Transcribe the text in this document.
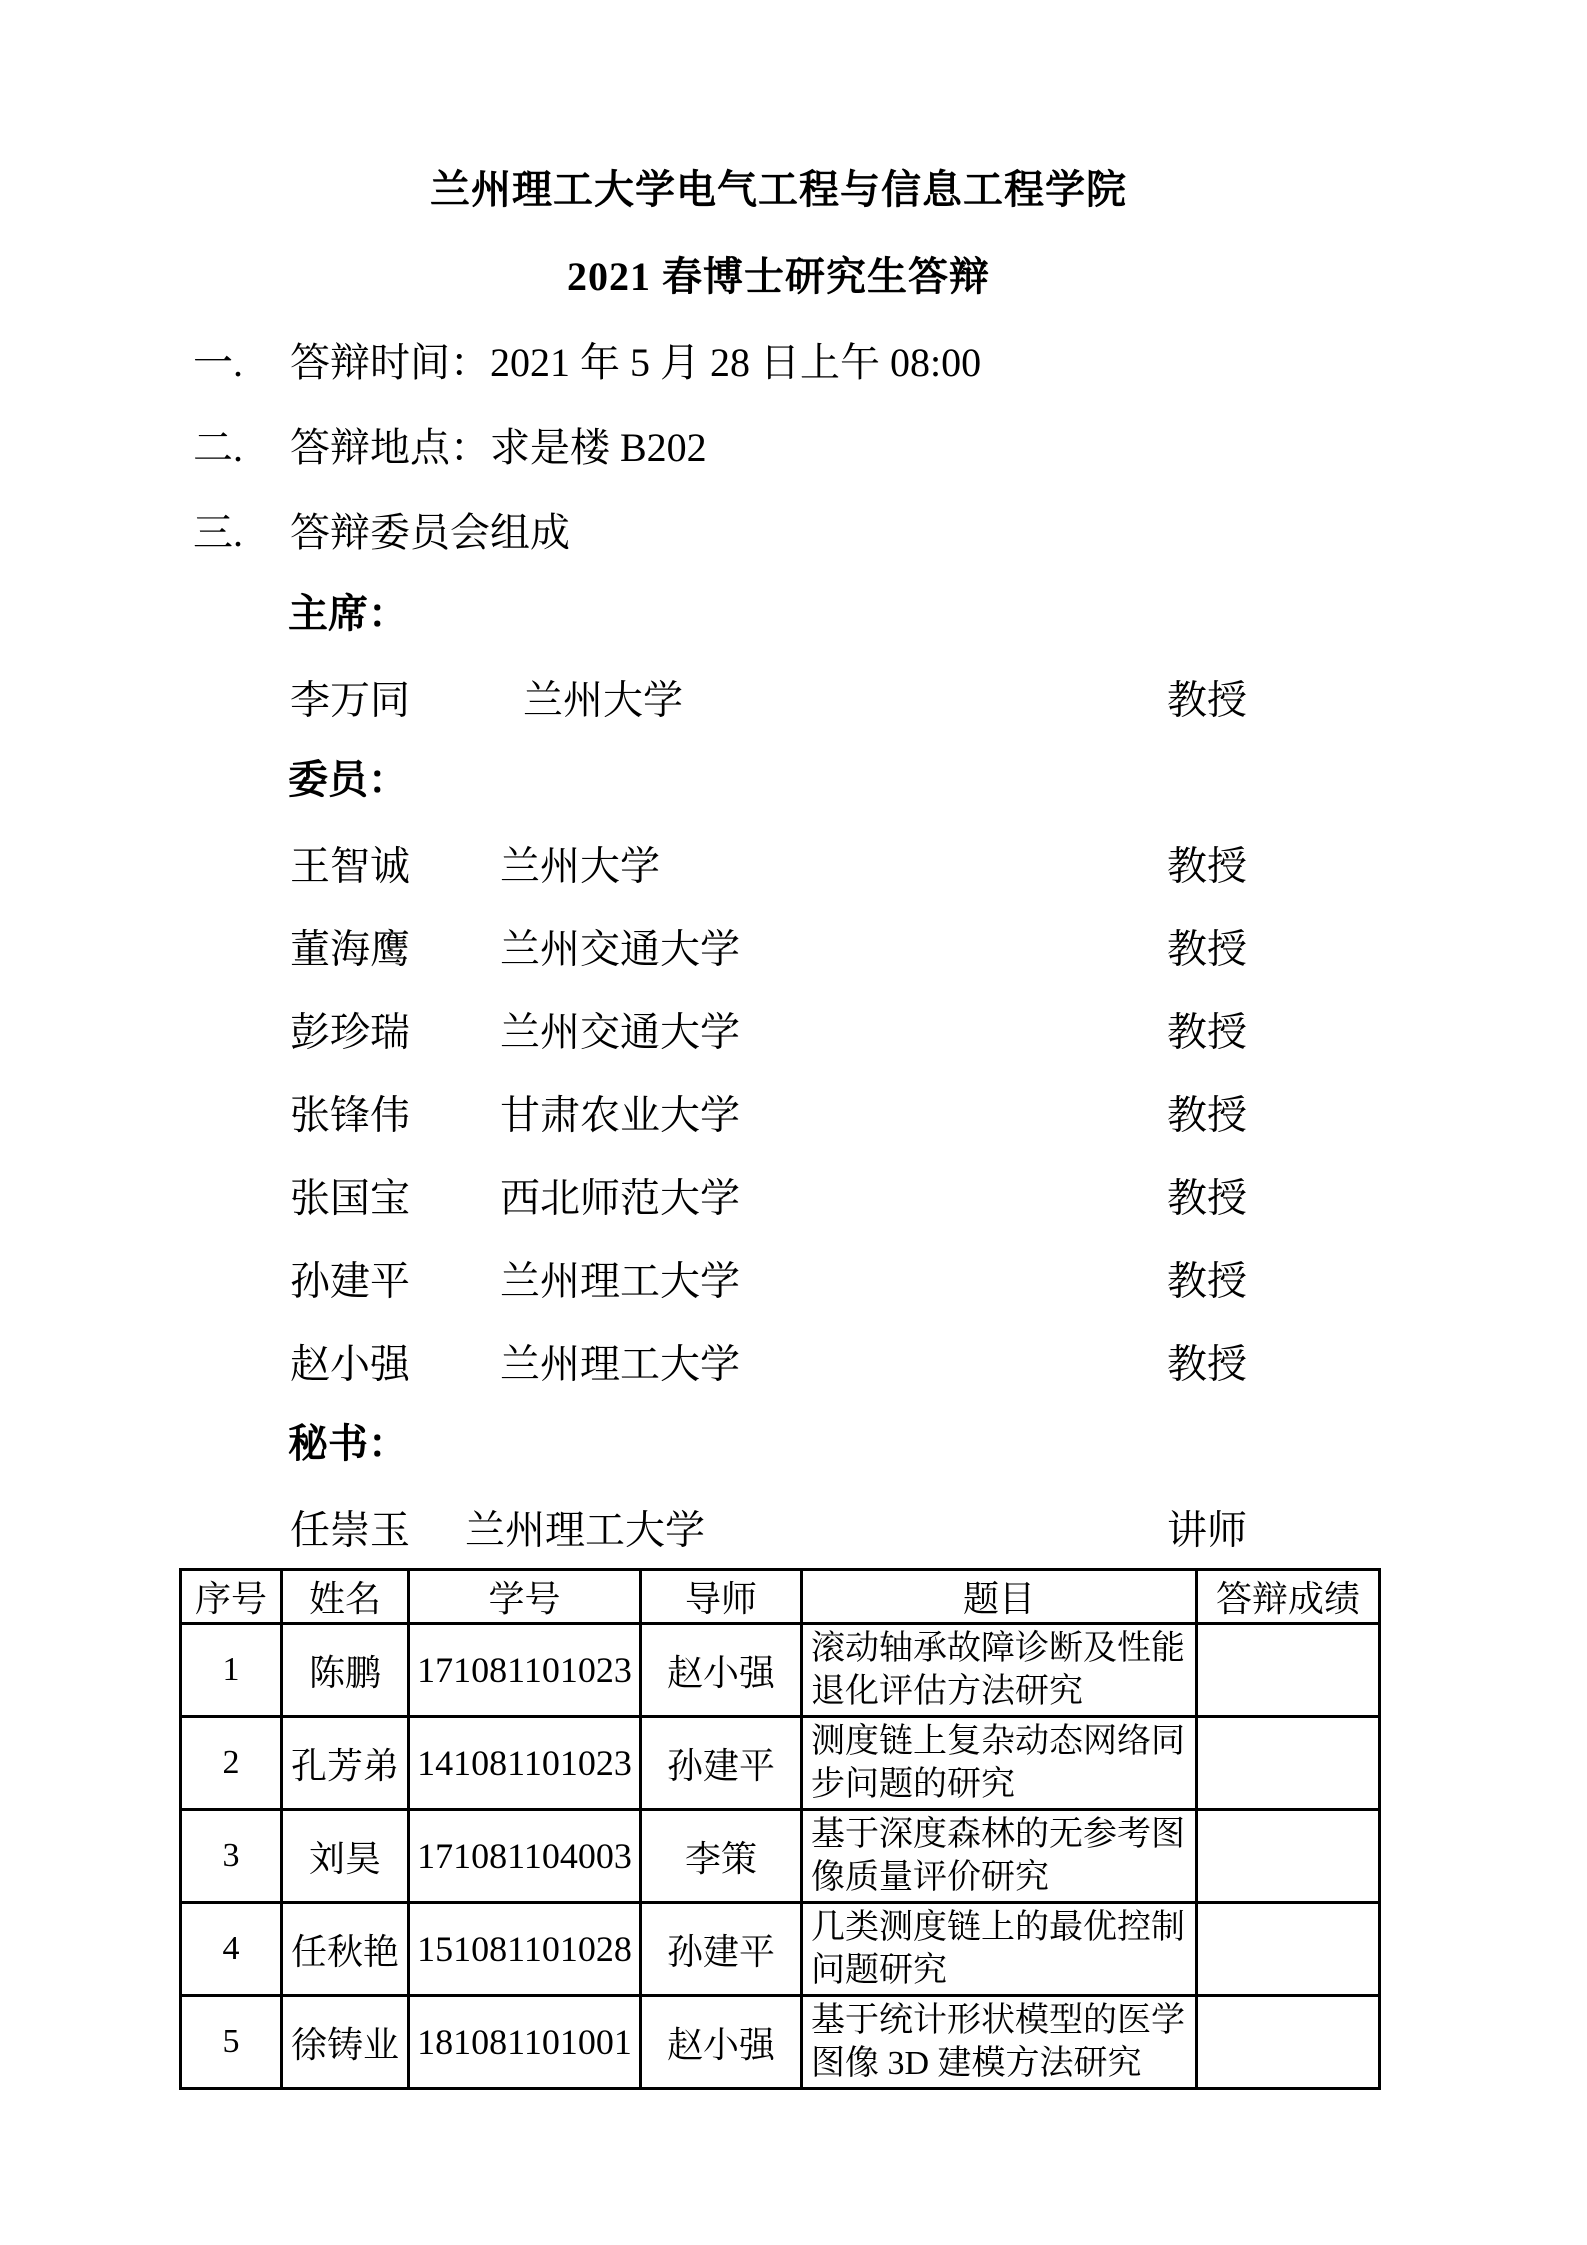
兰州理工大学电气工程与信息工程学院
2021 春博士研究生答辩
一.	答辩时间：2021 年 5 月 28 日上午 08:00
二.	答辩地点：求是楼 B202
三.	答辩委员会组成
主席：
李万同	兰州大学	教授
委员：
王智诚 兰州大学	教授
董海鹰 兰州交通大学	教授
彭珍瑞 兰州交通大学	教授
张锋伟 甘肃农业大学	教授
张国宝 西北师范大学	教授
孙建平 兰州理工大学	教授
赵小强 兰州理工大学	教授
秘书：
任崇玉 兰州理工大学	讲师
序号	姓名	学号	导师	题目	答辩成绩
1	陈鹏	171081101023	赵小强	滚动轴承故障诊断及性能退化评估方法研究	
2	孔芳弟	141081101023	孙建平	测度链上复杂动态网络同步问题的研究	
3	刘昊	171081104003	李策	基于深度森林的无参考图像质量评价研究	
4	任秋艳	151081101028	孙建平	几类测度链上的最优控制问题研究	
5	徐铸业	181081101001	赵小强	基于统计形状模型的医学图像 3D 建模方法研究	
